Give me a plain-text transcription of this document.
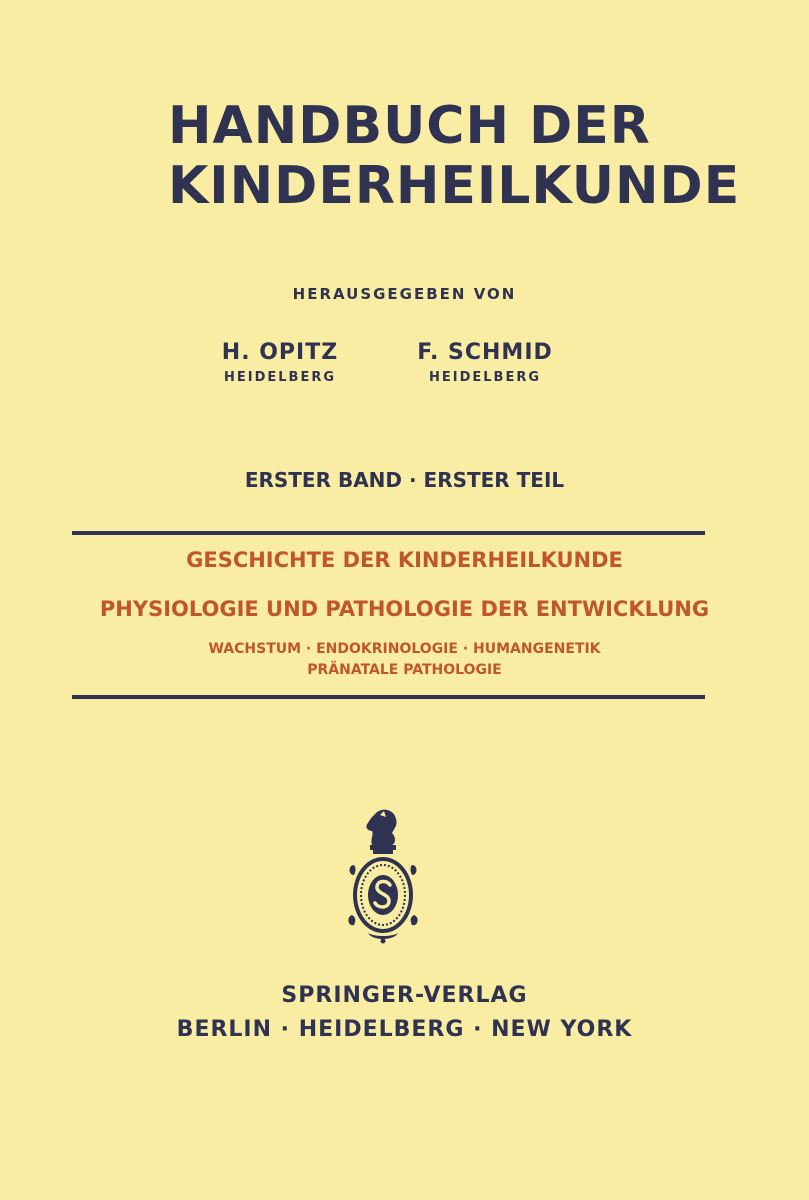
HANDBUCH DER
KINDERHEILKUNDE
HERAUSGEGEBEN VON
H. OPITZ
HEIDELBERG
F. SCHMID
HEIDELBERG
ERSTER BAND · ERSTER TEIL
GESCHICHTE DER KINDERHEILKUNDE
PHYSIOLOGIE UND PATHOLOGIE DER ENTWICKLUNG
WACHSTUM · ENDOKRINOLOGIE · HUMANGENETIK
PRÄNATALE PATHOLOGIE
SPRINGER-VERLAG
BERLIN · HEIDELBERG · NEW YORK
